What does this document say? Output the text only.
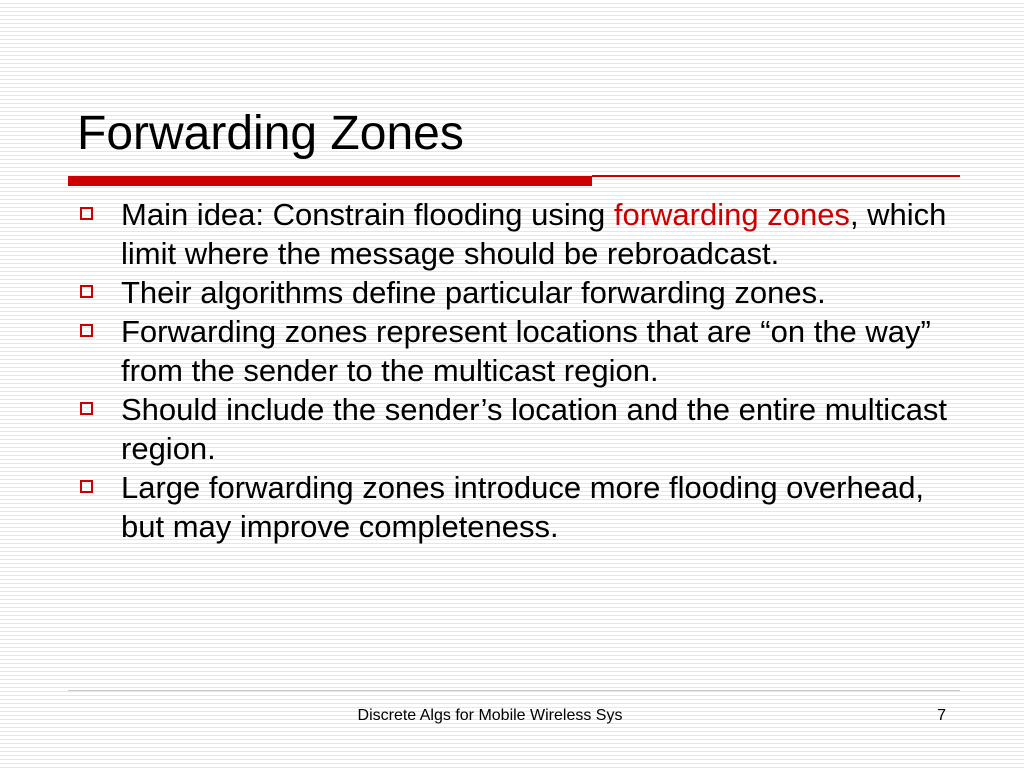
Forwarding Zones
Main idea: Constrain flooding using forwarding zones, which limit where the message should be rebroadcast.
Their algorithms define particular forwarding zones.
Forwarding zones represent locations that are “on the way” from the sender to the multicast region.
Should include the sender’s location and the entire multicast region.
Large forwarding zones introduce more flooding overhead, but may improve completeness.
Discrete Algs for Mobile Wireless Sys	7
